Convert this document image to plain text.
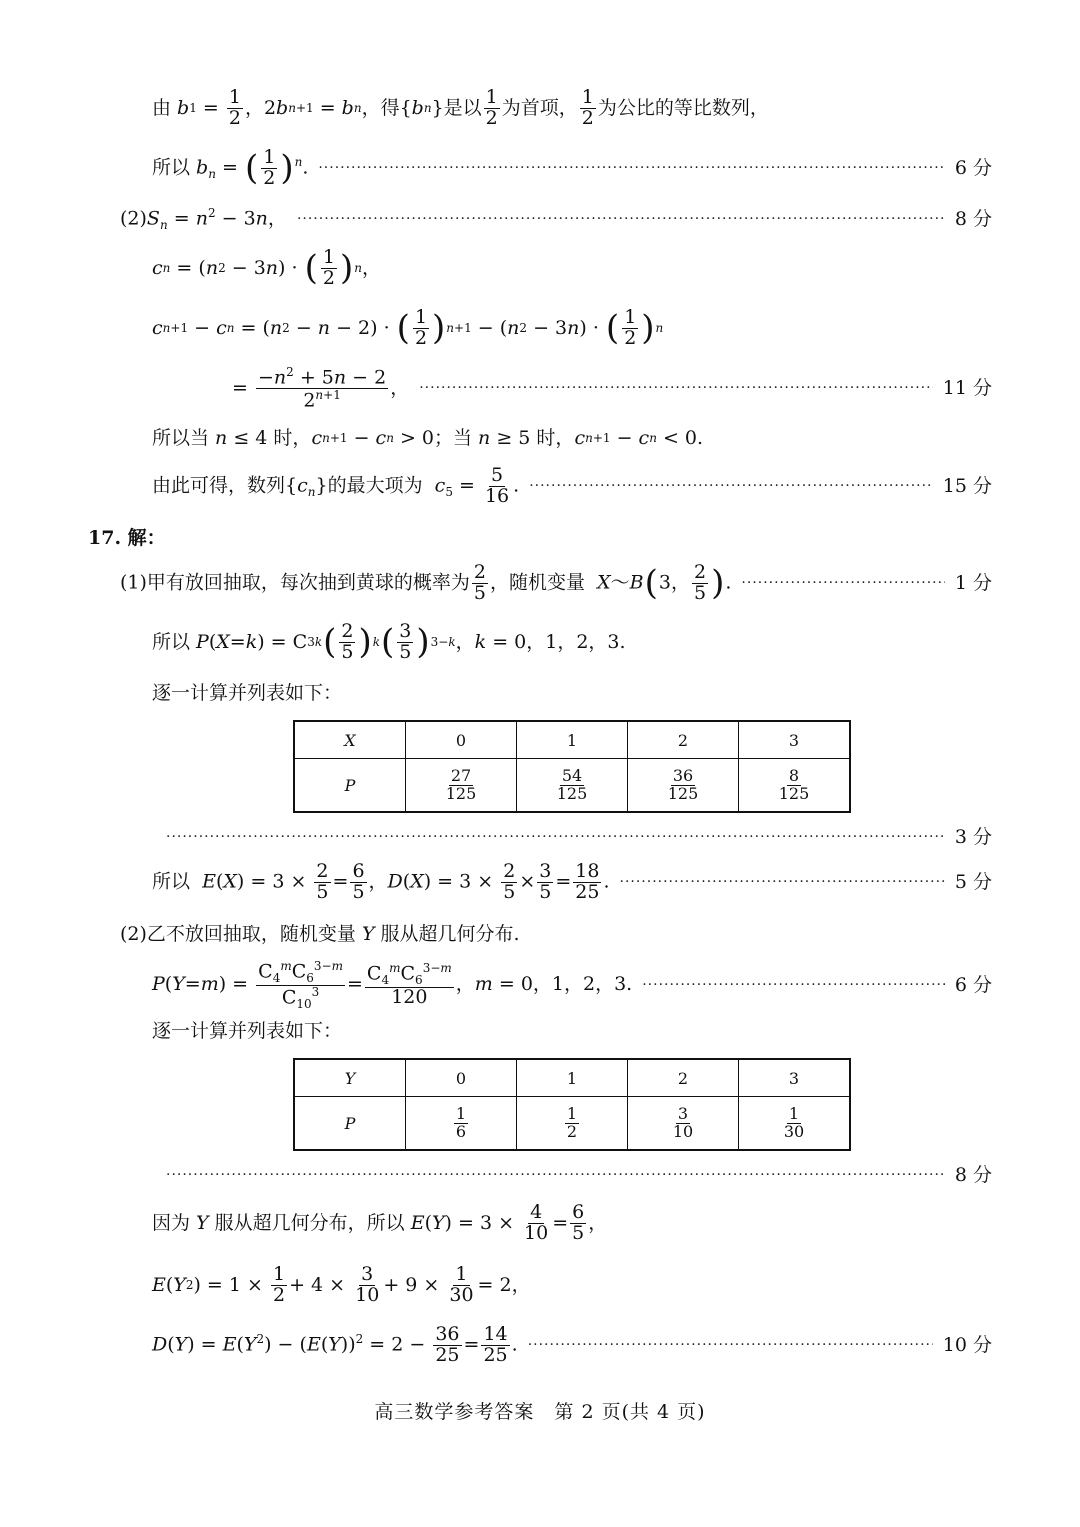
由 b $1 = \frac{1}{2}$ ，2 b n+1 = b n ，得{ b n }是以 $\frac{1}{2}$ 为首项， $\frac{1}{2}$ 为公比的等比数列，
所以 $b_n$ = ( $\frac{1}{2} )^n$. ·····	6 分
$(2)S_n = n^2 - 3n$， ·····	8 分
c n = ( n 2 − 3 n ) · ( $\frac{1}{2}$ ) n ，
c n+1 − c n = ( n 2 − n − 2) · ( $\frac{1}{2}$ ) n+1 − ( n 2 − 3 n ) · ( $\frac{1}{2}$ ) n
= $\frac{-n^2 + 5n - 2}{2^{n+1}}$ ， ·····	11 分
所以当 n ≤ 4 时， c n+1 − c n > 0；当 n ≥ 5 时， c n+1 − c n < 0.
由此可得，数列$\{c_n\}$的最大项为  $c_5 = \frac{5}{16}$ . ·····	15 分
17. 解：
(1)甲有放回抽取，每次抽到黄球的概率为 $\frac{2}{5}$ ，随机变量  X～B(3， $\frac{2}{5}$ ). ·····	1 分
所以 P ( X = k ) = C 3 k ( $\frac{2}{5}$ ) k ( $\frac{3}{5}$ ) 3−k ， k = 0，1，2，3.
逐一计算并列表如下：
X	0	1	2	3
P	$\frac{27}{125}$	$\frac{54}{125}$	$\frac{36}{125}$	$\frac{8}{125}$
·····
3 分
所以  $E(X) = 3 \times \frac{2}{5} = \frac{6}{5}$ ，$D(X) = 3 \times \frac{2}{5} \times \frac{3}{5} = \frac{18}{25}$ . ·····	5 分
(2)乙不放回抽取，随机变量 Y 服从超几何分布.
$P(Y=m) = \frac{C_4^mC_6^{3-m}}{C_{10}^3} = \frac{C_4^mC_6^{3-m}}{120}$ ，m = 0，1，2，3. ·····	6 分
逐一计算并列表如下：
Y	0	1	2	3
P	$\frac{1}{6}$	$\frac{1}{2}$	$\frac{3}{10}$	$\frac{1}{30}$
·····
8 分
因为 Y 服从超几何分布，所以 E ( Y ) = $3 \times \frac{4}{10} = \frac{6}{5}$ ，
E ( Y 2 ) = $1 \times \frac{1}{2} + 4 \times \frac{3}{10} + 9 \times \frac{1}{30} = 2$，
$D(Y) = E(Y^2) - (E(Y))^2 = 2 - \frac{36}{25} = \frac{14}{25}$ . ·····	10 分
高三数学参考答案　第 2 页(共 4 页)
